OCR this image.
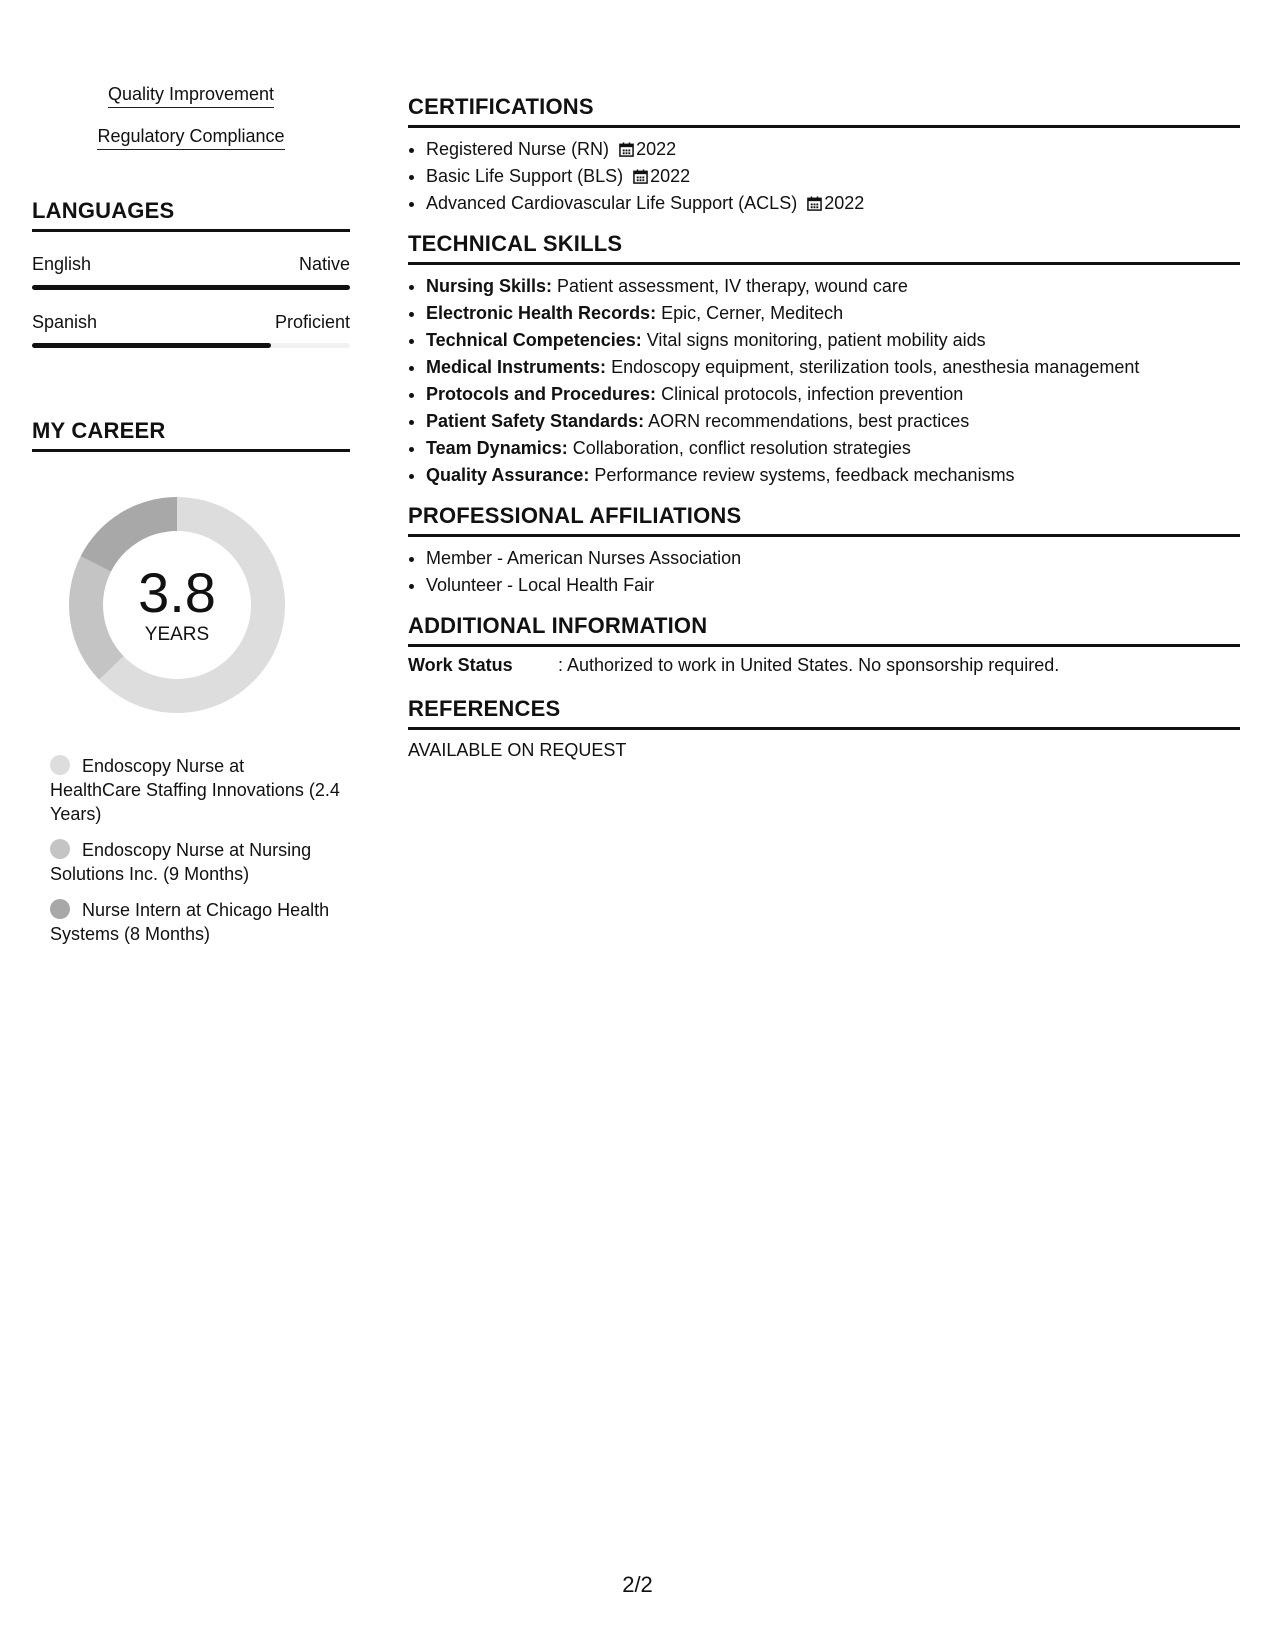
Quality Improvement
Regulatory Compliance
LANGUAGES
English	Native
Spanish	Proficient
MY CAREER
3.8
YEARS
Endoscopy Nurse at HealthCare Staffing Innovations (2.4 Years)
Endoscopy Nurse at Nursing Solutions Inc. (9 Months)
Nurse Intern at Chicago Health Systems (8 Months)
CERTIFICATIONS
• Registered Nurse (RN) 2022
• Basic Life Support (BLS) 2022
• Advanced Cardiovascular Life Support (ACLS) 2022
TECHNICAL SKILLS
• Nursing Skills: Patient assessment, IV therapy, wound care
• Electronic Health Records: Epic, Cerner, Meditech
• Technical Competencies: Vital signs monitoring, patient mobility aids
• Medical Instruments: Endoscopy equipment, sterilization tools, anesthesia management
• Protocols and Procedures: Clinical protocols, infection prevention
• Patient Safety Standards: AORN recommendations, best practices
• Team Dynamics: Collaboration, conflict resolution strategies
• Quality Assurance: Performance review systems, feedback mechanisms
PROFESSIONAL AFFILIATIONS
• Member - American Nurses Association
• Volunteer - Local Health Fair
ADDITIONAL INFORMATION
Work Status	: Authorized to work in United States. No sponsorship required.
REFERENCES
AVAILABLE ON REQUEST
2/2
